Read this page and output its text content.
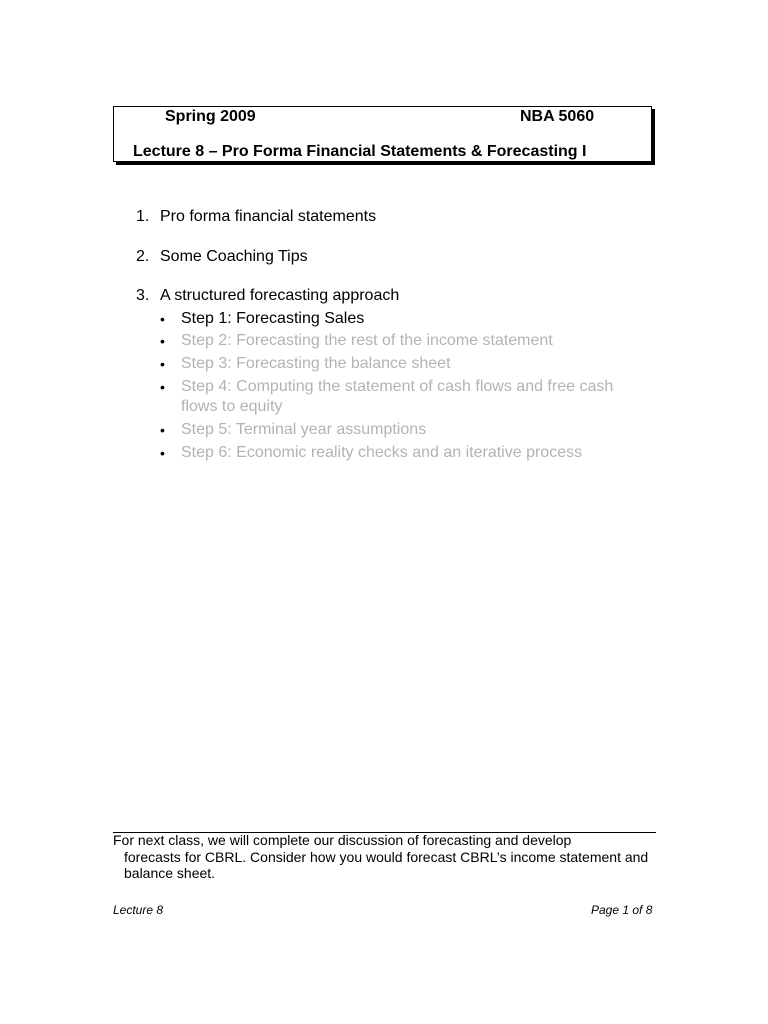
Spring 2009	NBA 5060
Lecture 8 – Pro Forma Financial Statements & Forecasting I
1. Pro forma financial statements
2. Some Coaching Tips
3. A structured forecasting approach
•	Step 1: Forecasting Sales
•	Step 2: Forecasting the rest of the income statement
•	Step 3: Forecasting the balance sheet
•	Step 4: Computing the statement of cash flows and free cash flows to equity
•	Step 5: Terminal year assumptions
•	Step 6: Economic reality checks and an iterative process
For next class, we will complete our discussion of forecasting and develop
forecasts for CBRL. Consider how you would forecast CBRL’s income statement and balance sheet.
Lecture 8	Page 1 of 8
